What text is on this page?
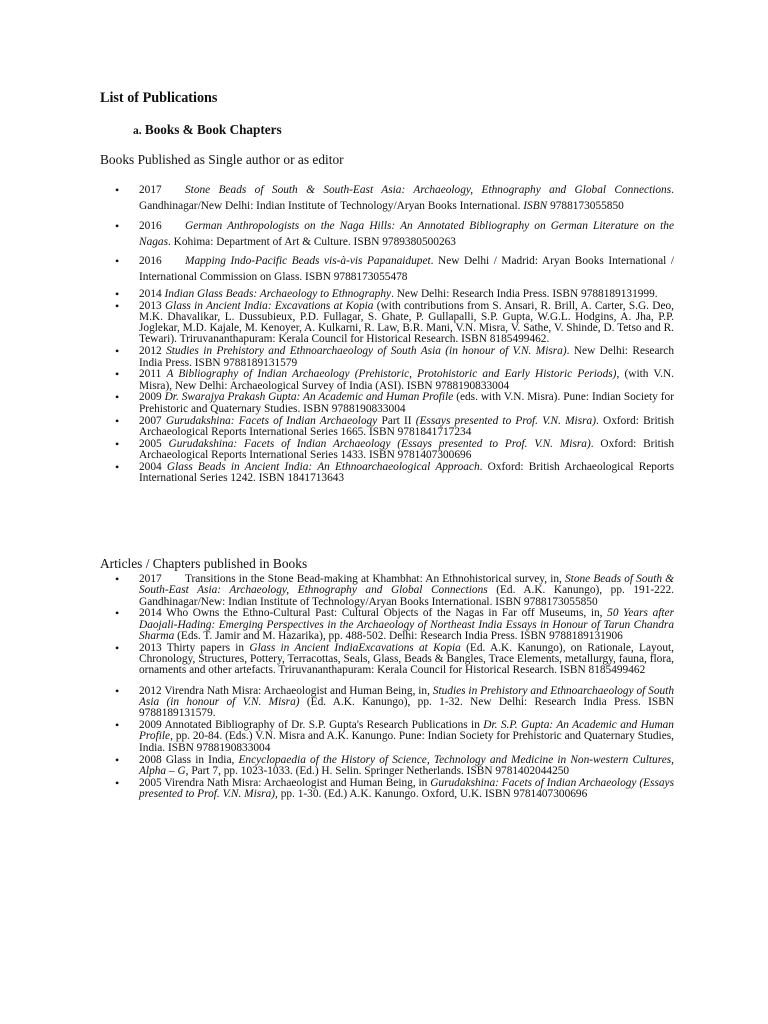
List of Publications
a. Books & Book Chapters
Books Published as Single author or as editor
• 2017 Stone Beads of South & South-East Asia: Archaeology, Ethnography and Global Connections. Gandhinagar/New Delhi: Indian Institute of Technology/Aryan Books International. ISBN 9788173055850
• 2016 German Anthropologists on the Naga Hills: An Annotated Bibliography on German Literature on the Nagas. Kohima: Department of Art & Culture. ISBN 9789380500263
• 2016 Mapping Indo-Pacific Beads vis-à-vis Papanaidupet. New Delhi / Madrid: Aryan Books International / International Commission on Glass. ISBN 9788173055478
• 2014 Indian Glass Beads: Archaeology to Ethnography. New Delhi: Research India Press. ISBN 9788189131999.
• 2013 Glass in Ancient India: Excavations at Kopia (with contributions from S. Ansari, R. Brill, A. Carter, S.G. Deo, M.K. Dhavalikar, L. Dussubieux, P.D. Fullagar, S. Ghate, P. Gullapalli, S.P. Gupta, W.G.L. Hodgins, A. Jha, P.P. Joglekar, M.D. Kajale, M. Kenoyer, A. Kulkarni, R. Law, B.R. Mani, V.N. Misra, V. Sathe, V. Shinde, D. Tetso and R. Tewari). Triruvananthapuram: Kerala Council for Historical Research. ISBN 8185499462.
• 2012 Studies in Prehistory and Ethnoarchaeology of South Asia (in honour of V.N. Misra). New Delhi: Research India Press. ISBN 9788189131579
• 2011 A Bibliography of Indian Archaeology (Prehistoric, Protohistoric and Early Historic Periods), (with V.N. Misra), New Delhi: Archaeological Survey of India (ASI). ISBN 9788190833004
• 2009 Dr. Swarajya Prakash Gupta: An Academic and Human Profile (eds. with V.N. Misra). Pune: Indian Society for Prehistoric and Quaternary Studies. ISBN 9788190833004
• 2007 Gurudakshina: Facets of Indian Archaeology Part II (Essays presented to Prof. V.N. Misra). Oxford: British Archaeological Reports International Series 1665. ISBN 9781841717234
• 2005 Gurudakshina: Facets of Indian Archaeology (Essays presented to Prof. V.N. Misra). Oxford: British Archaeological Reports International Series 1433. ISBN 9781407300696
• 2004 Glass Beads in Ancient India: An Ethnoarchaeological Approach. Oxford: British Archaeological Reports International Series 1242. ISBN 1841713643
Articles / Chapters published in Books
• 2017 Transitions in the Stone Bead-making at Khambhat: An Ethnohistorical survey, in, Stone Beads of South & South-East Asia: Archaeology, Ethnography and Global Connections (Ed. A.K. Kanungo), pp. 191-222. Gandhinagar/New: Indian Institute of Technology/Aryan Books International. ISBN 9788173055850
• 2014 Who Owns the Ethno-Cultural Past: Cultural Objects of the Nagas in Far off Museums, in, 50 Years after Daojali-Hading: Emerging Perspectives in the Archaeology of Northeast India Essays in Honour of Tarun Chandra Sharma (Eds. T. Jamir and M. Hazarika), pp. 488-502. Delhi: Research India Press. ISBN 9788189131906
• 2013 Thirty papers in Glass in Ancient IndiaExcavations at Kopia (Ed. A.K. Kanungo), on Rationale, Layout, Chronology, Structures, Pottery, Terracottas, Seals, Glass, Beads & Bangles, Trace Elements, metallurgy, fauna, flora, ornaments and other artefacts. Triruvananthapuram: Kerala Council for Historical Research. ISBN 8185499462
• 2012 Virendra Nath Misra: Archaeologist and Human Being, in, Studies in Prehistory and Ethnoarchaeology of South Asia (in honour of V.N. Misra) (Ed. A.K. Kanungo), pp. 1-32. New Delhi: Research India Press. ISBN 9788189131579.
• 2009 Annotated Bibliography of Dr. S.P. Gupta's Research Publications in Dr. S.P. Gupta: An Academic and Human Profile, pp. 20-84. (Eds.) V.N. Misra and A.K. Kanungo. Pune: Indian Society for Prehistoric and Quaternary Studies, India. ISBN 9788190833004
• 2008 Glass in India, Encyclopaedia of the History of Science, Technology and Medicine in Non-western Cultures, Alpha – G, Part 7, pp. 1023-1033. (Ed.) H. Selin. Springer Netherlands. ISBN 9781402044250
• 2005 Virendra Nath Misra: Archaeologist and Human Being, in Gurudakshina: Facets of Indian Archaeology (Essays presented to Prof. V.N. Misra), pp. 1-30. (Ed.) A.K. Kanungo. Oxford, U.K. ISBN 9781407300696
